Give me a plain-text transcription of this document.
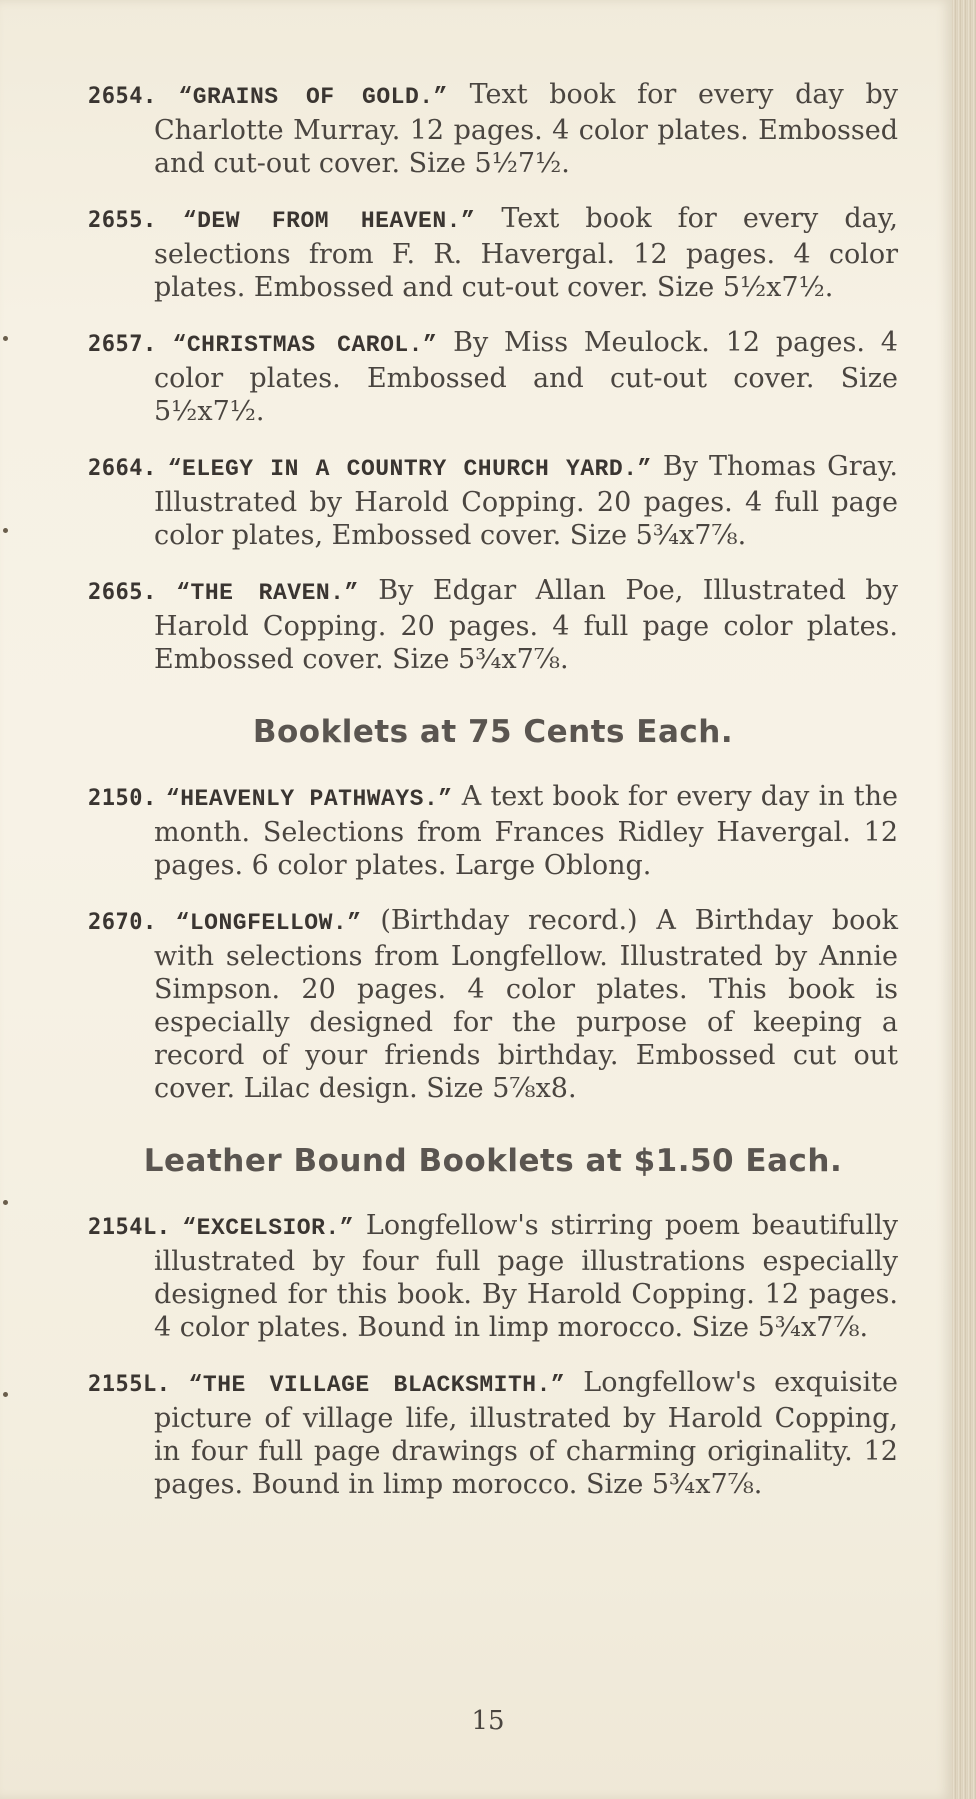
2654. “GRAINS OF GOLD.” Text book for every day by Charlotte Murray. 12 pages. 4 color plates. Embossed and cut-out cover. Size 5½7½.
2655. “DEW FROM HEAVEN.” Text book for every day, selections from F. R. Havergal. 12 pages. 4 color plates. Embossed and cut-out cover. Size 5½x7½.
2657. “CHRISTMAS CAROL.” By Miss Meulock. 12 pages. 4 color plates. Embossed and cut-out cover. Size 5½x7½.
2664. “ELEGY IN A COUNTRY CHURCH YARD.” By Thomas Gray. Illustrated by Harold Copping. 20 pages. 4 full page color plates, Embossed cover. Size 5¾x7⅞.
2665. “THE RAVEN.” By Edgar Allan Poe, Illustrated by Harold Copping. 20 pages. 4 full page color plates. Embossed cover. Size 5¾x7⅞.
Booklets at 75 Cents Each.
2150. “HEAVENLY PATHWAYS.” A text book for every day in the month. Selections from Frances Ridley Havergal. 12 pages. 6 color plates. Large Oblong.
2670. “LONGFELLOW.” (Birthday record.) A Birthday book with selections from Longfellow. Illustrated by Annie Simpson. 20 pages. 4 color plates. This book is especially designed for the purpose of keeping a record of your friends birthday. Embossed cut out cover. Lilac design. Size 5⅞x8.
Leather Bound Booklets at $1.50 Each.
2154L. “EXCELSIOR.” Longfellow's stirring poem beautifully illustrated by four full page illustrations especially designed for this book. By Harold Copping. 12 pages. 4 color plates. Bound in limp morocco. Size 5¾x7⅞.
2155L. “THE VILLAGE BLACKSMITH.” Longfellow's exquisite picture of village life, illustrated by Harold Copping, in four full page drawings of charming originality. 12 pages. Bound in limp morocco. Size 5¾x7⅞.
15
